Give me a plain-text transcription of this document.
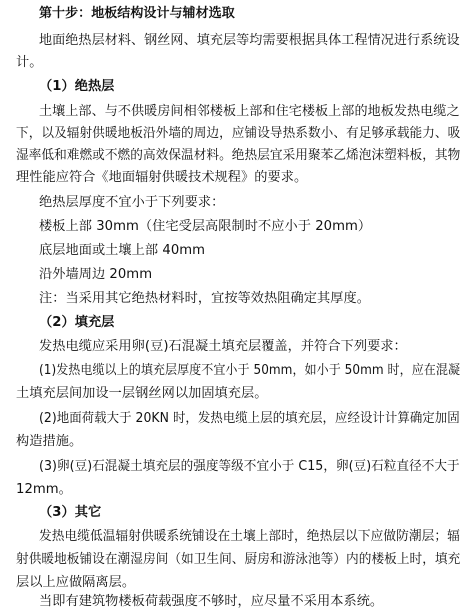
第十步：地板结构设计与辅材选取
地面绝热层材料、钢丝网、填充层等均需要根据具体工程情况进行系统设
计。
（1）绝热层
土壤上部、与不供暖房间相邻楼板上部和住宅楼板上部的地板发热电缆之
下，以及辐射供暖地板沿外墙的周边，应铺设导热系数小、有足够承载能力、吸
湿率低和难燃或不燃的高效保温材料。绝热层宜采用聚苯乙烯泡沫塑料板，其物
理性能应符合《地面辐射供暖技术规程》的要求。
绝热层厚度不宜小于下列要求：
楼板上部 30mm（住宅受层高限制时不应小于 20mm）
底层地面或土壤上部 40mm
沿外墙周边 20mm
注：当采用其它绝热材料时，宜按等效热阻确定其厚度。
（2）填充层
发热电缆应采用卵(豆)石混凝土填充层覆盖，并符合下列要求：
(1)发热电缆以上的填充层厚度不宜小于 50mm，如小于 50mm 时，应在混凝
土填充层间加设一层钢丝网以加固填充层。
(2)地面荷载大于 20KN 时，发热电缆上层的填充层，应经设计计算确定加固
构造措施。
(3)卵(豆)石混凝土填充层的强度等级不宜小于 C15，卵(豆)石粒直径不大于
12mm。
（3）其它
发热电缆低温辐射供暖系统铺设在土壤上部时，绝热层以下应做防潮层；辐
射供暖地板铺设在潮湿房间（如卫生间、厨房和游泳池等）内的楼板上时，填充
层以上应做隔离层。
当即有建筑物楼板荷载强度不够时，应尽量不采用本系统。
